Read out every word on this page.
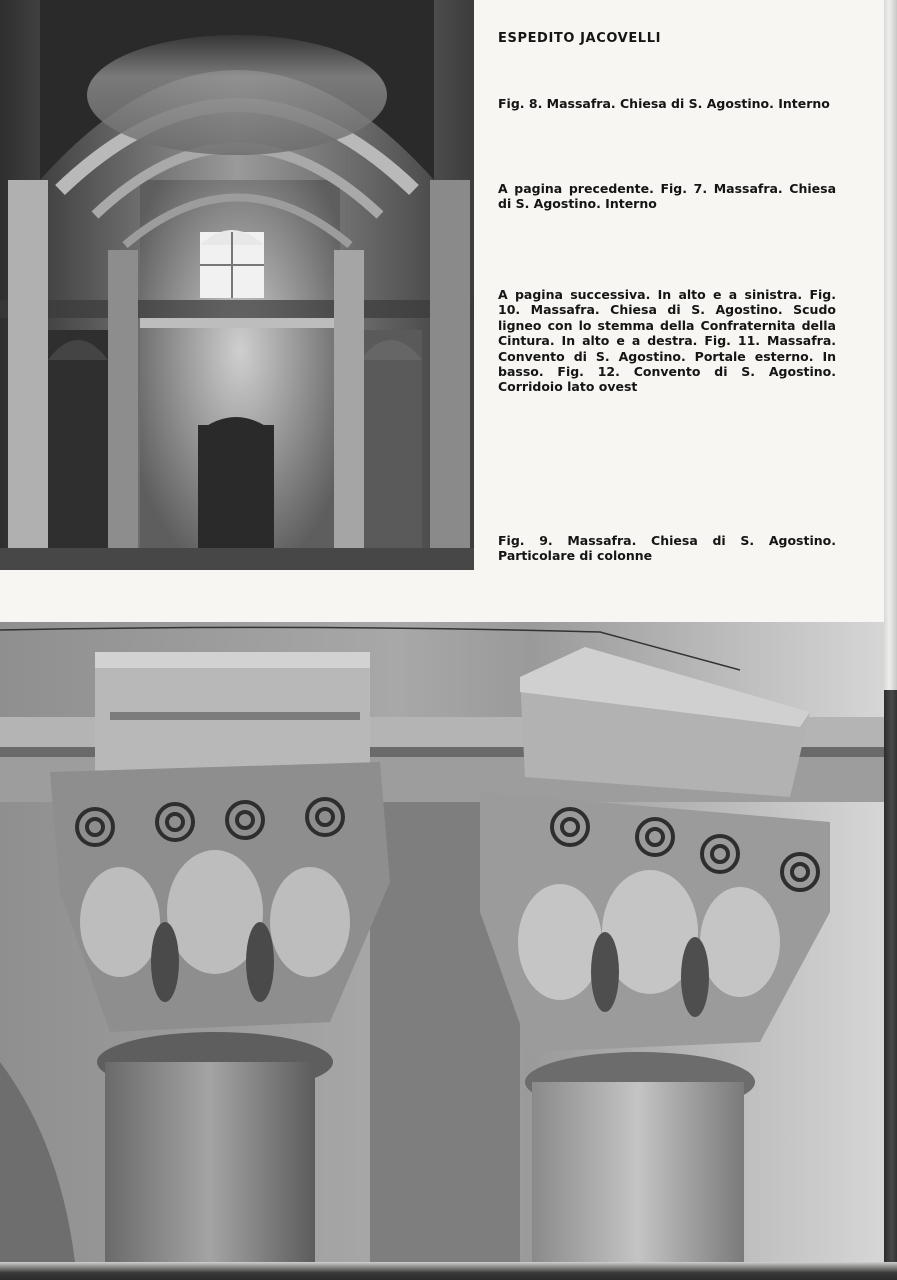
ESPEDITO JACOVELLI
Fig. 8. Massafra. Chiesa di S. Agostino. Interno
A pagina precedente. Fig. 7. Massafra. Chiesa di S. Agostino. Interno
A pagina successiva. In alto e a sinistra. Fig. 10. Massafra. Chiesa di S. Agostino. Scudo ligneo con lo stemma della Confraternita della Cintura. In alto e a destra. Fig. 11. Massafra. Convento di S. Agostino. Portale esterno. In basso. Fig. 12. Convento di S. Agostino. Corridoio lato ovest
Fig. 9. Massafra. Chiesa di S. Agostino. Particolare di colonne
